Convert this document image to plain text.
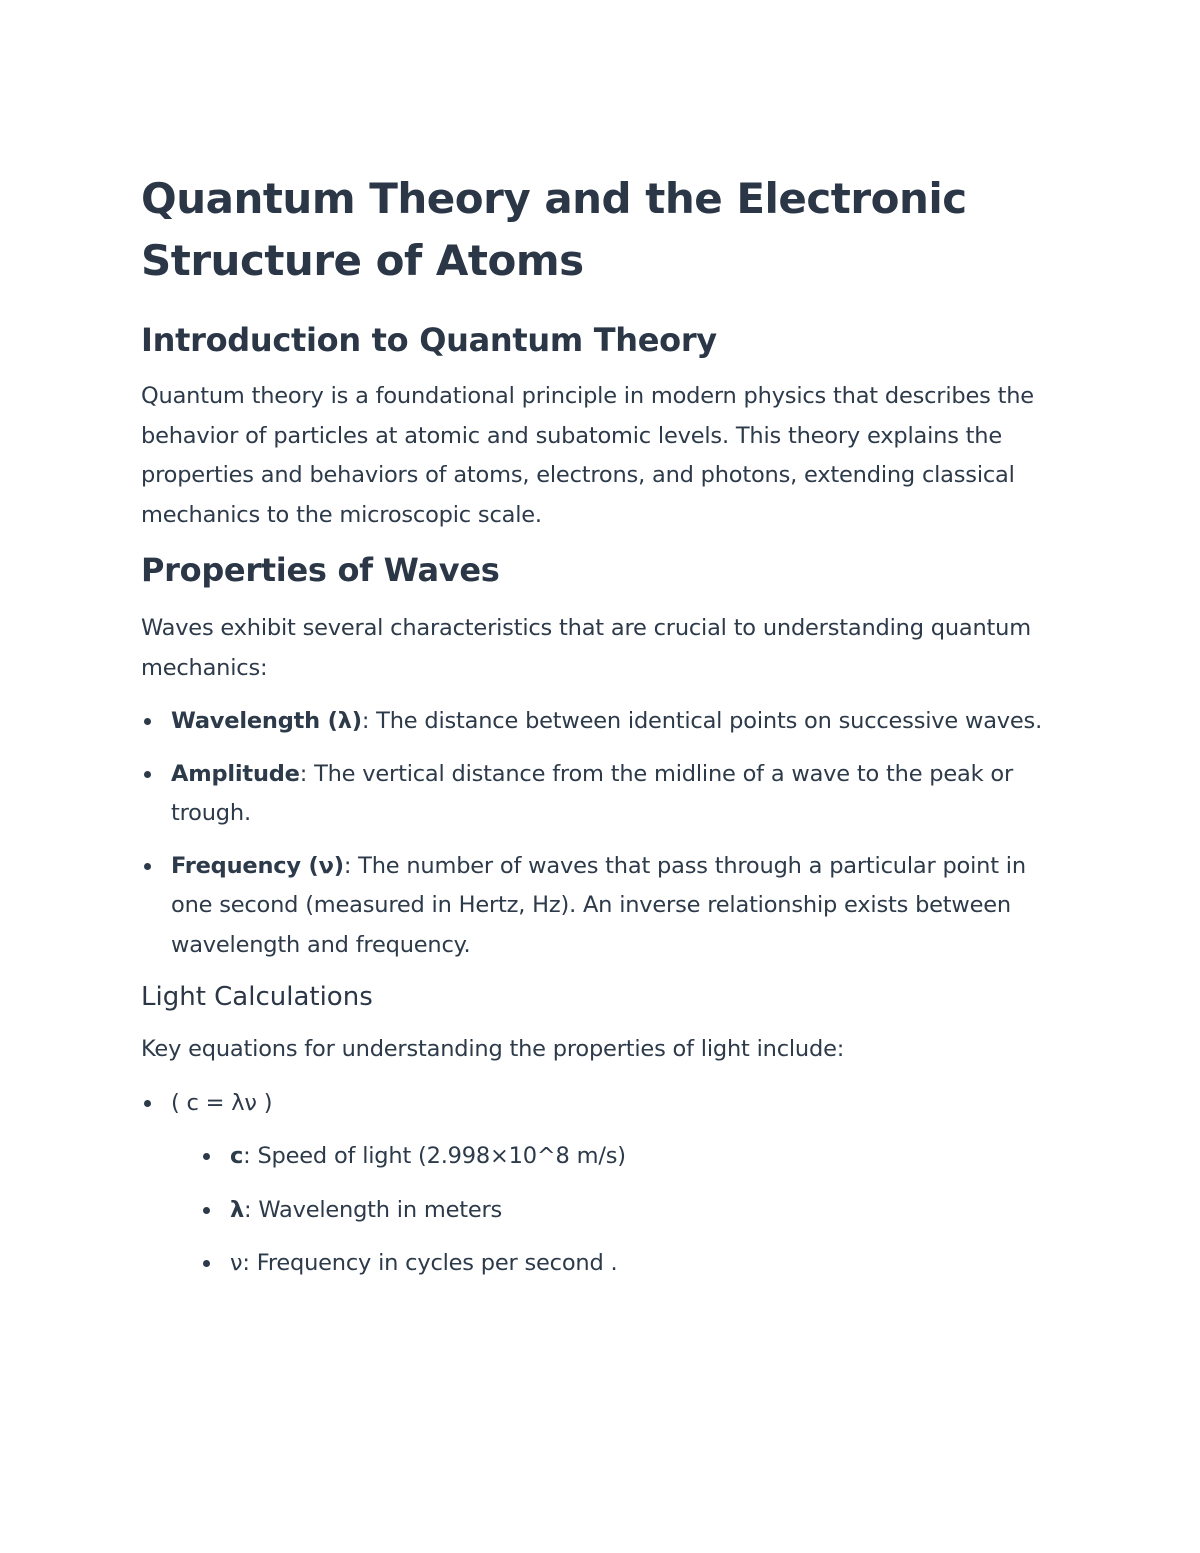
Quantum Theory and the Electronic Structure of Atoms
Introduction to Quantum Theory

Quantum theory is a foundational principle in modern physics that describes the behavior of particles at atomic and subatomic levels. This theory explains the properties and behaviors of atoms, electrons, and photons, extending classical mechanics to the microscopic scale.

Properties of Waves

Waves exhibit several characteristics that are crucial to understanding quantum mechanics:

Wavelength (λ): The distance between identical points on successive waves.
Amplitude: The vertical distance from the midline of a wave to the peak or trough.
Frequency (ν): The number of waves that pass through a particular point in one second (measured in Hertz, Hz). An inverse relationship exists between wavelength and frequency.
Light Calculations

Key equations for understanding the properties of light include:

( c = λν )
c: Speed of light (2.998×10^8 m/s)
λ: Wavelength in meters
ν: Frequency in cycles per second .
